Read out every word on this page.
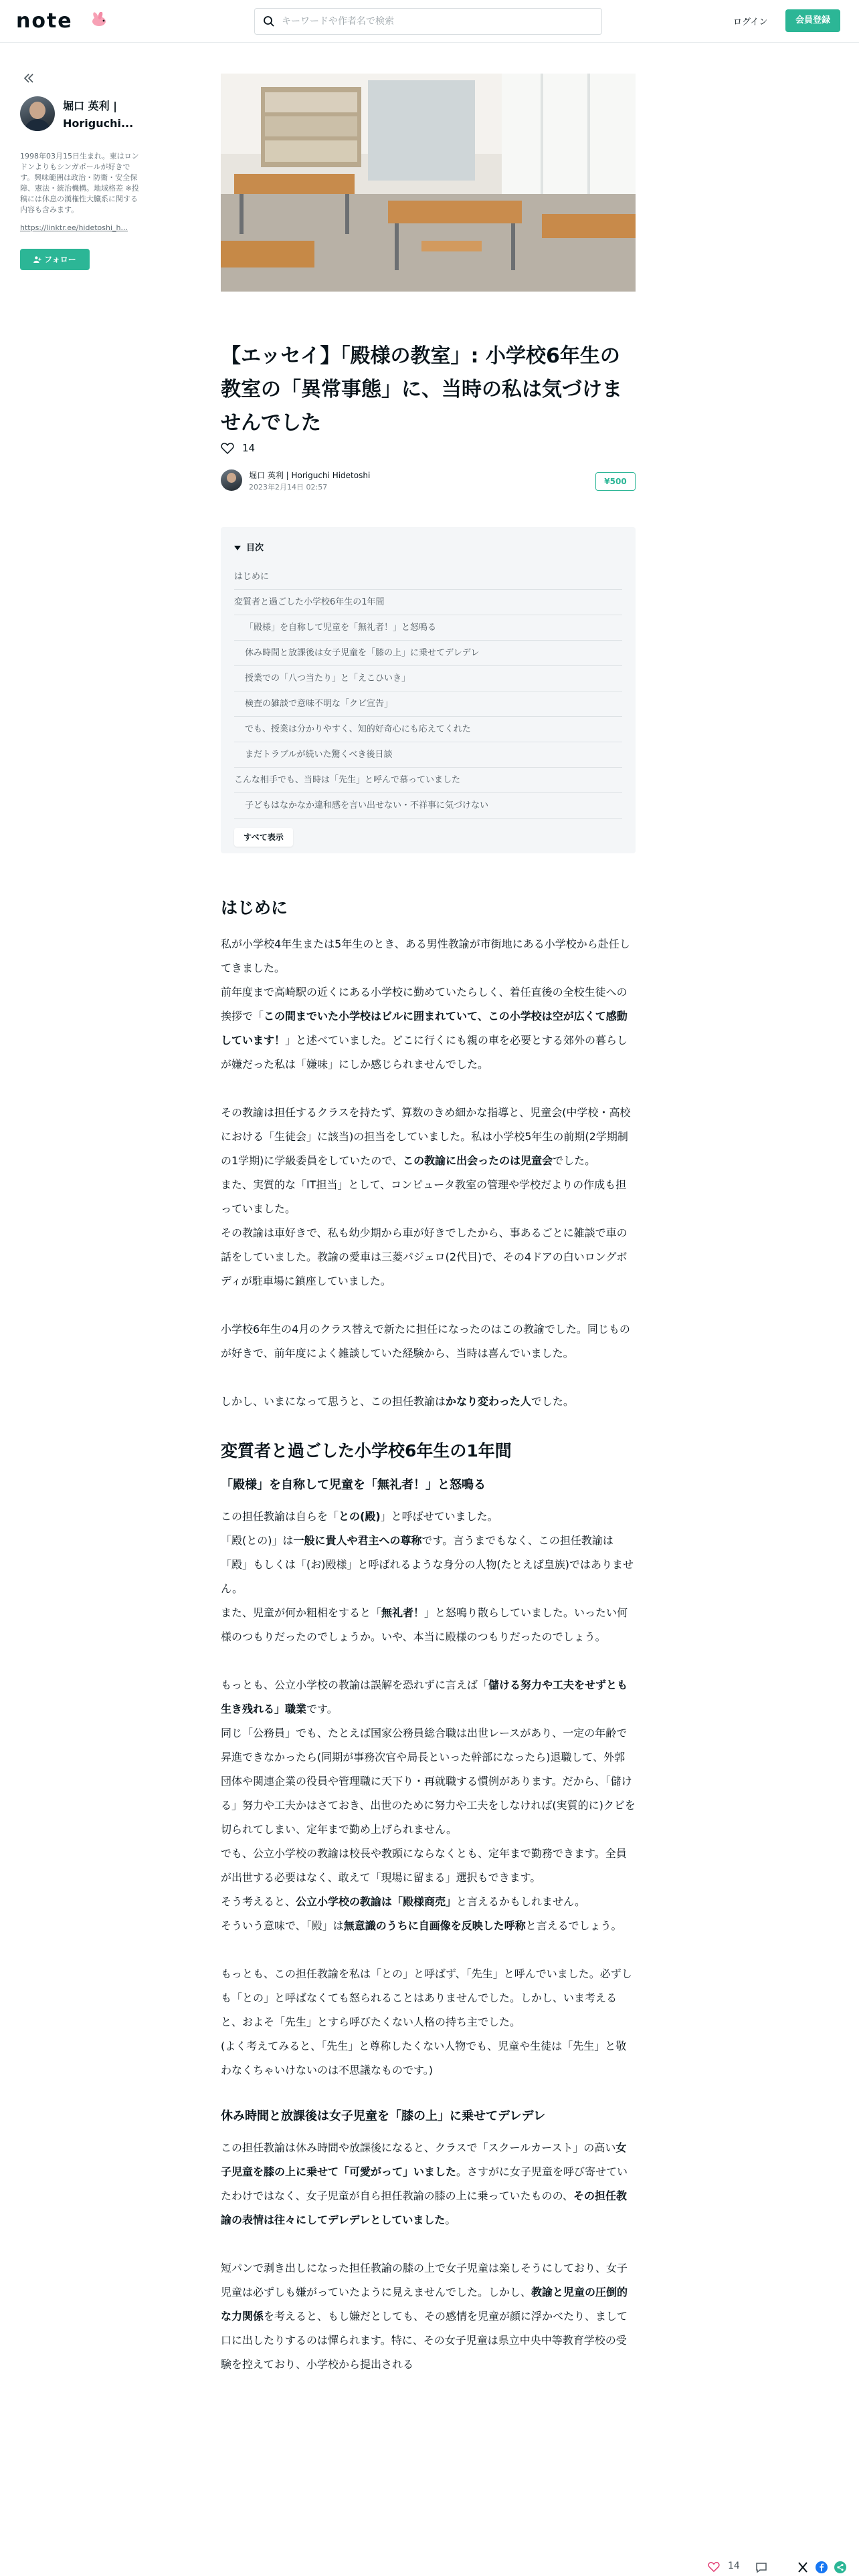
note
キーワードや作者名で検索	ログイン	会員登録
堀口 英利 | Horiguchi...
1998年03月15日生まれ。東はロンドンよりもシンガポールが好きです。興味範囲は政治・防衛・安全保障、憲法・統治機構。地域格差 ※投稿には休息の漢権性大臓系に関する内容も含みます。
https://linktr.ee/hidetoshi_h...
フォロー
【エッセイ】「殿様の教室」: 小学校6年生の教室の「異常事態」に、当時の私は気づけませんでした
14
堀口 英利 | Horiguchi Hidetoshi
2023年2月14日 02:57
¥500
目次
はじめに
変質者と過ごした小学校6年生の1年間
「殿様」を自称して児童を「無礼者！」と怒鳴る
休み時間と放課後は女子児童を「膝の上」に乗せてデレデレ
授業での「八つ当たり」と「えこひいき」
検査の雑談で意味不明な「クビ宣告」
でも、授業は分かりやすく、知的好奇心にも応えてくれた
まだトラブルが続いた驚くべき後日談
こんな相手でも、当時は「先生」と呼んで慕っていました
子どもはなかなか違和感を言い出せない・不祥事に気づけない
すべて表示
はじめに
私が小学校4年生または5年生のとき、ある男性教諭が市街地にある小学校から赴任してきました。
前年度まで高崎駅の近くにある小学校に勤めていたらしく、着任直後の全校生徒への挨拶で「この間までいた小学校はビルに囲まれていて、この小学校は空が広くて感動しています！」と述べていました。どこに行くにも親の車を必要とする郊外の暮らしが嫌だった私は「嫌味」にしか感じられませんでした。
その教諭は担任するクラスを持たず、算数のきめ細かな指導と、児童会(中学校・高校における「生徒会」に該当)の担当をしていました。私は小学校5年生の前期(2学期制の1学期)に学級委員をしていたので、この教諭に出会ったのは児童会でした。
また、実質的な「IT担当」として、コンピュータ教室の管理や学校だよりの作成も担っていました。
その教諭は車好きで、私も幼少期から車が好きでしたから、事あるごとに雑談で車の話をしていました。教諭の愛車は三菱パジェロ(2代目)で、その4ドアの白いロングボディが駐車場に鎮座していました。
小学校6年生の4月のクラス替えで新たに担任になったのはこの教諭でした。同じものが好きで、前年度によく雑談していた経験から、当時は喜んでいました。
しかし、いまになって思うと、この担任教諭はかなり変わった人でした。
変質者と過ごした小学校6年生の1年間
「殿様」を自称して児童を「無礼者！」と怒鳴る
この担任教諭は自らを「との(殿)」と呼ばせていました。
「殿(との)」は一般に貴人や君主への尊称です。言うまでもなく、この担任教諭は「殿」もしくは「(お)殿様」と呼ばれるような身分の人物(たとえば皇族)ではありません。
また、児童が何か粗相をすると「無礼者！」と怒鳴り散らしていました。いったい何様のつもりだったのでしょうか。いや、本当に殿様のつもりだったのでしょう。
もっとも、公立小学校の教諭は誤解を恐れずに言えば「儲ける努力や工夫をせずとも生き残れる」職業です。
同じ「公務員」でも、たとえば国家公務員総合職は出世レースがあり、一定の年齢で昇進できなかったら(同期が事務次官や局長といった幹部になったら)退職して、外郭団体や関連企業の役員や管理職に天下り・再就職する慣例があります。だから、「儲ける」努力や工夫かはさておき、出世のために努力や工夫をしなければ(実質的に)クビを切られてしまい、定年まで勤め上げられません。
でも、公立小学校の教諭は校長や教頭にならなくとも、定年まで勤務できます。全員が出世する必要はなく、敢えて「現場に留まる」選択もできます。
そう考えると、公立小学校の教諭は「殿様商売」と言えるかもしれません。
そういう意味で、「殿」は無意識のうちに自画像を反映した呼称と言えるでしょう。
もっとも、この担任教諭を私は「との」と呼ばず、「先生」と呼んでいました。必ずしも「との」と呼ばなくても怒られることはありませんでした。しかし、いま考えると、およそ「先生」とすら呼びたくない人格の持ち主でした。
(よく考えてみると、「先生」と尊称したくない人物でも、児童や生徒は「先生」と敬わなくちゃいけないのは不思議なものです。)
休み時間と放課後は女子児童を「膝の上」に乗せてデレデレ
この担任教諭は休み時間や放課後になると、クラスで「スクールカースト」の高い女子児童を膝の上に乗せて「可愛がって」いました。さすがに女子児童を呼び寄せていたわけではなく、女子児童が自ら担任教諭の膝の上に乗っていたものの、その担任教諭の表情は往々にしてデレデレとしていました。
短パンで剥き出しになった担任教諭の膝の上で女子児童は楽しそうにしており、女子児童は必ずしも嫌がっていたように見えませんでした。しかし、教諭と児童の圧倒的な力関係を考えると、もし嫌だとしても、その感情を児童が顔に浮かべたり、まして口に出したりするのは憚られます。特に、その女子児童は県立中央中等教育学校の受験を控えており、小学校から提出される
14
